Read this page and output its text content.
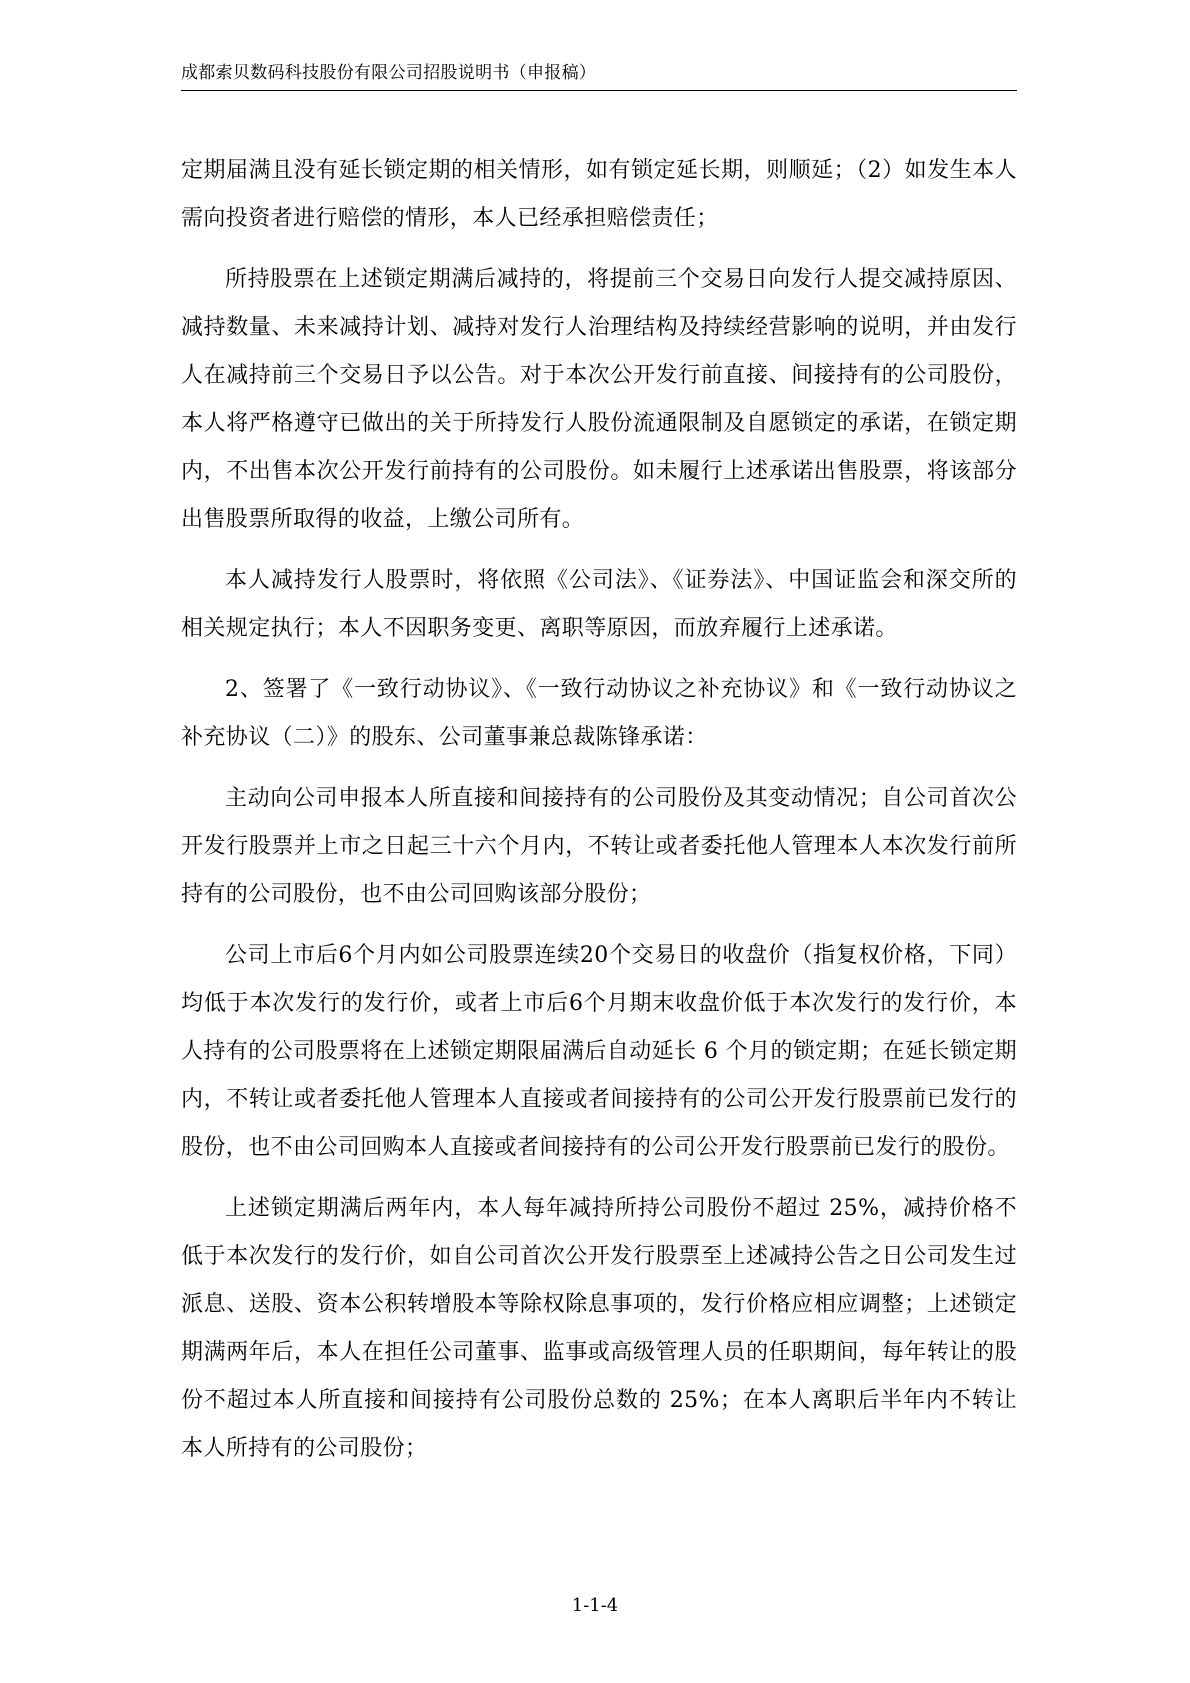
成都索贝数码科技股份有限公司招股说明书（申报稿）

定期届满且没有延长锁定期的相关情形，如有锁定延长期，则顺延；（2）如发生本人需向投资者进行赔偿的情形，本人已经承担赔偿责任；

所持股票在上述锁定期满后减持的，将提前三个交易日向发行人提交减持原因、减持数量、未来减持计划、减持对发行人治理结构及持续经营影响的说明，并由发行人在减持前三个交易日予以公告。对于本次公开发行前直接、间接持有的公司股份，本人将严格遵守已做出的关于所持发行人股份流通限制及自愿锁定的承诺，在锁定期内，不出售本次公开发行前持有的公司股份。如未履行上述承诺出售股票，将该部分出售股票所取得的收益，上缴公司所有。

本人减持发行人股票时，将依照《公司法》、《证券法》、中国证监会和深交所的相关规定执行；本人不因职务变更、离职等原因，而放弃履行上述承诺。

2、签署了《一致行动协议》、《一致行动协议之补充协议》和《一致行动协议之补充协议（二）》的股东、公司董事兼总裁陈锋承诺：

主动向公司申报本人所直接和间接持有的公司股份及其变动情况；自公司首次公开发行股票并上市之日起三十六个月内，不转让或者委托他人管理本人本次发行前所持有的公司股份，也不由公司回购该部分股份；

公司上市后6个月内如公司股票连续20个交易日的收盘价（指复权价格，下同）均低于本次发行的发行价，或者上市后6个月期末收盘价低于本次发行的发行价，本人持有的公司股票将在上述锁定期限届满后自动延长 6 个月的锁定期；在延长锁定期内，不转让或者委托他人管理本人直接或者间接持有的公司公开发行股票前已发行的股份，也不由公司回购本人直接或者间接持有的公司公开发行股票前已发行的股份。

上述锁定期满后两年内，本人每年减持所持公司股份不超过 25%，减持价格不低于本次发行的发行价，如自公司首次公开发行股票至上述减持公告之日公司发生过派息、送股、资本公积转增股本等除权除息事项的，发行价格应相应调整；上述锁定期满两年后，本人在担任公司董事、监事或高级管理人员的任职期间，每年转让的股份不超过本人所直接和间接持有公司股份总数的 25%；在本人离职后半年内不转让本人所持有的公司股份；

1-1-4
